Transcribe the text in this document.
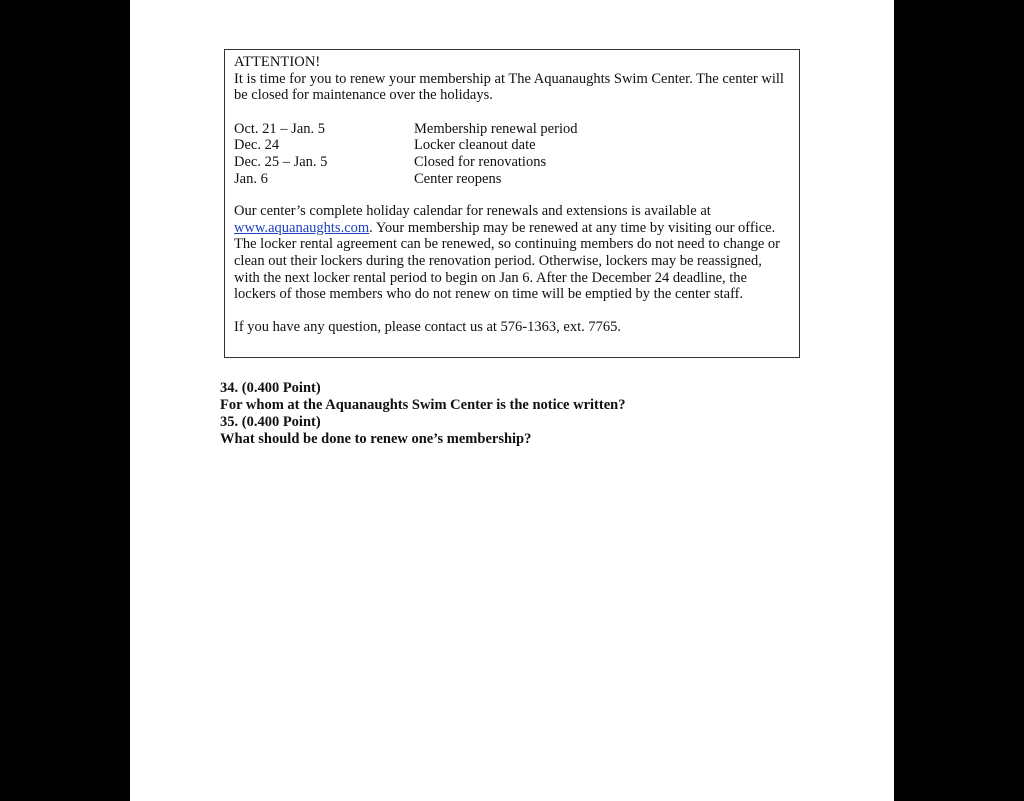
ATTENTION!

It is time for you to renew your membership at The Aquanaughts Swim Center. The center will be closed for maintenance over the holidays.

Oct. 21 – Jan. 5	Membership renewal period
Dec. 24	Locker cleanout date
Dec. 25 – Jan. 5	Closed for renovations
Jan. 6	Center reopens

Our center’s complete holiday calendar for renewals and extensions is available at www.aquanaughts.com. Your membership may be renewed at any time by visiting our office. The locker rental agreement can be renewed, so continuing members do not need to change or clean out their lockers during the renovation period. Otherwise, lockers may be reassigned, with the next locker rental period to begin on Jan 6. After the December 24 deadline, the lockers of those members who do not renew on time will be emptied by the center staff.

If you have any question, please contact us at 576-1363, ext. 7765.

34. (0.400 Point)
For whom at the Aquanaughts Swim Center is the notice written?
35. (0.400 Point)
What should be done to renew one’s membership?
